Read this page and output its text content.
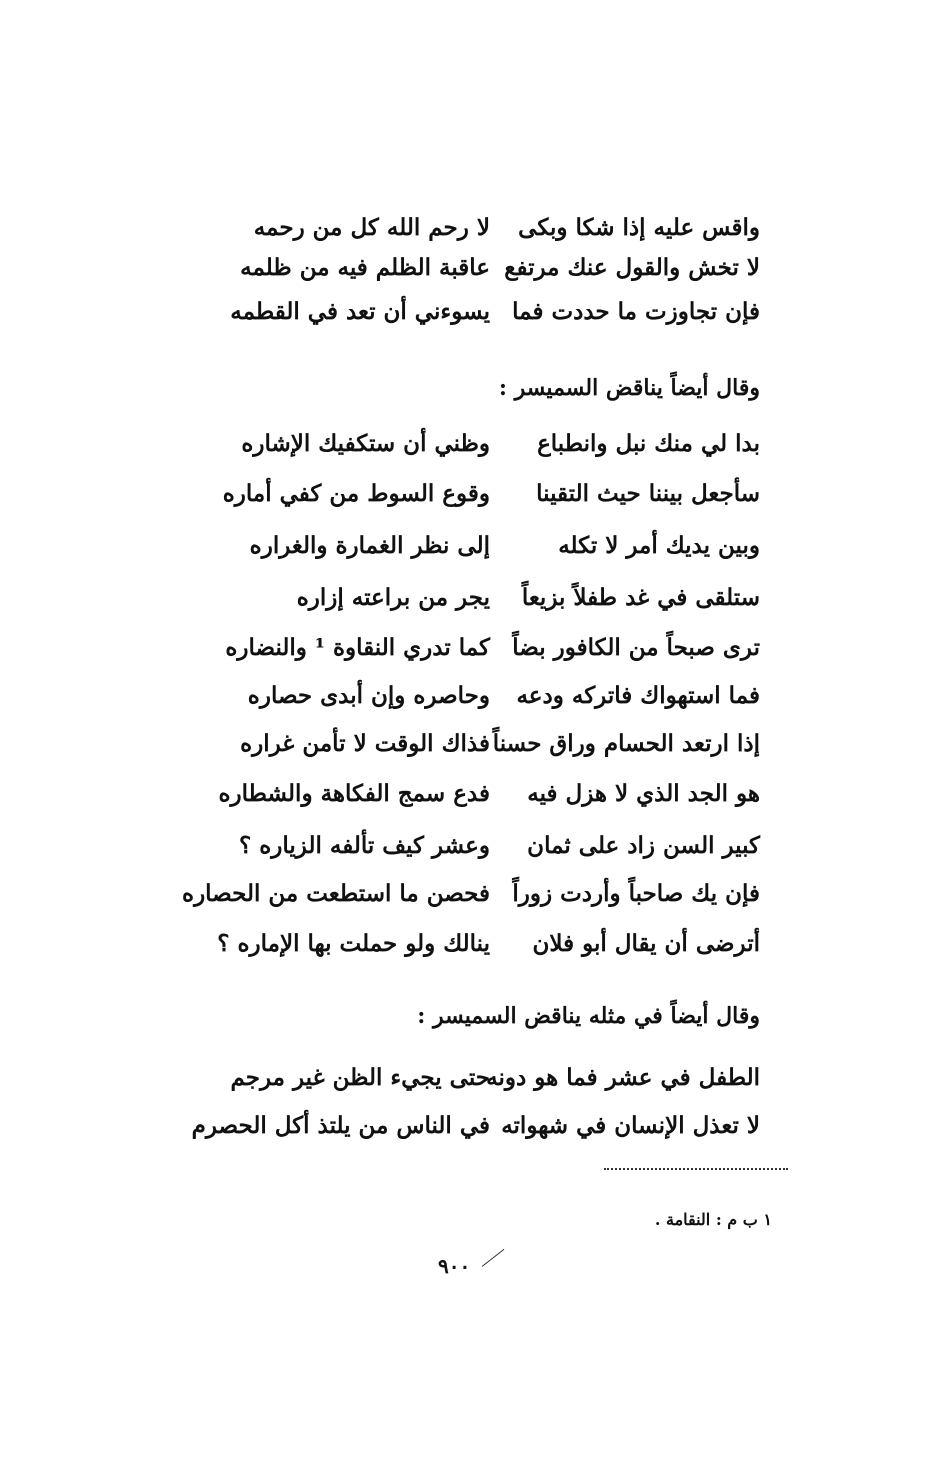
واقس عليه إذا شكا وبكى
لا رحم الله كل من رحمه
لا تخش والقول عنك مرتفع
عاقبة الظلم فيه من ظلمه
فإن تجاوزت ما حددت فما
يسوءني أن تعد في القطمه
وقال أيضاً يناقض السميسر :
بدا لي منك نبل وانطباع
وظني أن ستكفيك الإشاره
سأجعل بيننا حيث التقينا
وقوع السوط من كفي أماره
وبين يديك أمر لا تكله
إلى نظر الغمارة والغراره
ستلقى في غد طفلاً بزيعاً
يجر من براعته إزاره
ترى صبحاً من الكافور بضاً
كما تدري النقاوة ¹ والنضاره
فما استهواك فاتركه ودعه
وحاصره وإن أبدى حصاره
إذا ارتعد الحسام وراق حسناً
فذاك الوقت لا تأمن غراره
هو الجد الذي لا هزل فيه
فدع سمج الفكاهة والشطاره
كبير السن زاد على ثمان
وعشر كيف تألفه الزياره ؟
فإن يك صاحباً وأردت زوراً
فحصن ما استطعت من الحصاره
أترضى أن يقال أبو فلان
ينالك ولو حملت بها الإماره ؟
وقال أيضاً في مثله يناقض السميسر :
الطفل في عشر فما هو دونه
حتى يجيء الظن غير مرجم
لا تعذل الإنسان في شهواته
في الناس من يلتذ أكل الحصرم
١ ب م : النقامة .
٩٠٠
